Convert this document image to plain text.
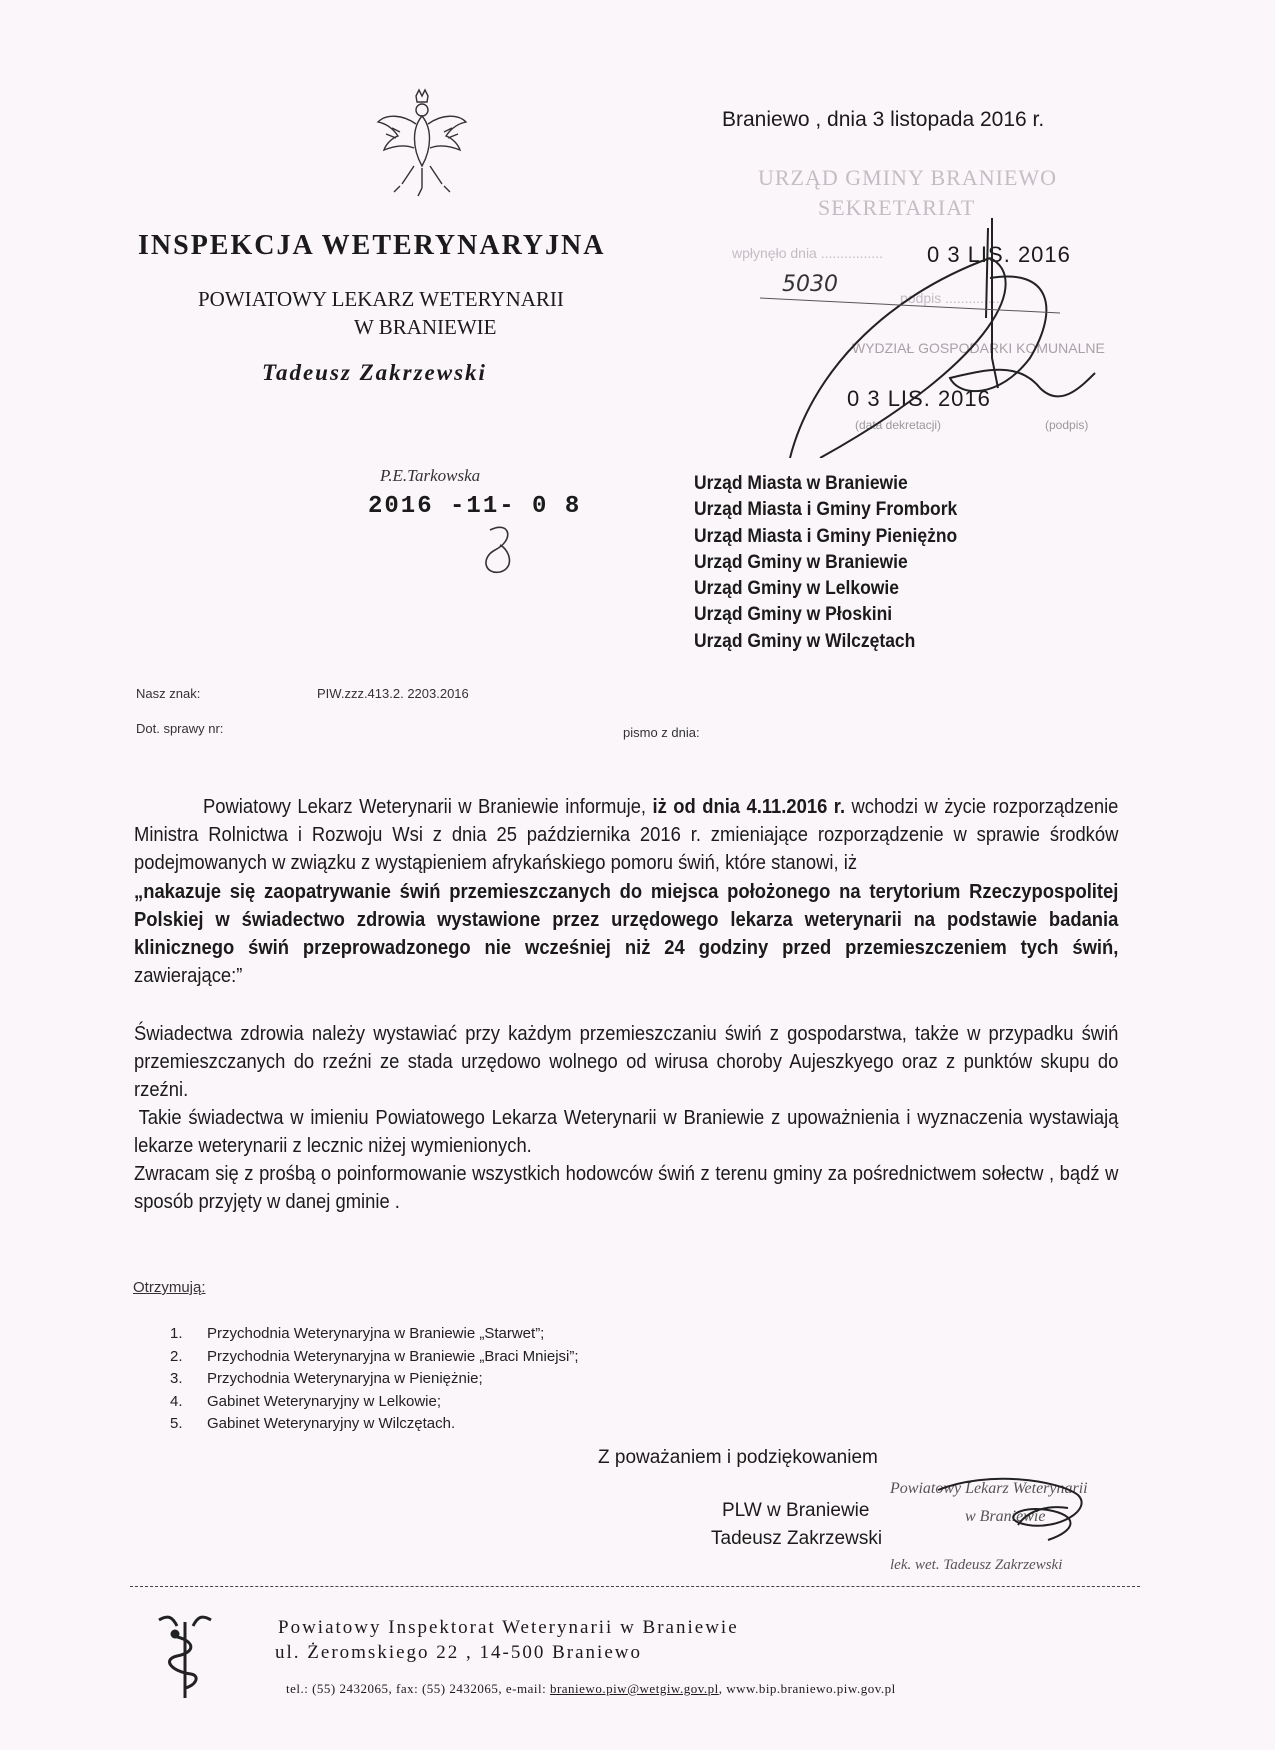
INSPEKCJA WETERYNARYJNA
POWIATOWY LEKARZ WETERYNARII
W BRANIEWIE
Tadeusz Zakrzewski
Braniewo , dnia 3 listopada 2016 r.
URZĄD GMINY BRANIEWO
SEKRETARIAT
wpłynęło dnia ................ 0 3 LIS. 2016
5030
podpis ..............
WYDZIAŁ GOSPODARKI KOMUNALNE
0 3 LIS. 2016
(data dekretacji)	(podpis)
P.E.Tarkowska
2016 -11- 0 8
Urząd Miasta w Braniewie
Urząd Miasta i Gminy Frombork
Urząd Miasta i Gminy Pieniężno
Urząd Gminy w Braniewie
Urząd Gminy w Lelkowie
Urząd Gminy w Płoskini
Urząd Gminy w Wilczętach
Nasz znak:	PIW.zzz.413.2. 2203.2016
Dot. sprawy nr:	pismo z dnia:

Powiatowy Lekarz Weterynarii w Braniewie informuje, iż od dnia 4.11.2016 r. wchodzi w życie rozporządzenie Ministra Rolnictwa i Rozwoju Wsi z dnia 25 października 2016 r. zmieniające rozporządzenie w sprawie środków podejmowanych w związku z wystąpieniem afrykańskiego pomoru świń, które stanowi, iż

„nakazuje się zaopatrywanie świń przemieszczanych do miejsca położonego na terytorium Rzeczypospolitej Polskiej w świadectwo zdrowia wystawione przez urzędowego lekarza weterynarii na podstawie badania klinicznego świń przeprowadzonego nie wcześniej niż 24 godziny przed przemieszczeniem tych świń, zawierające:”

Świadectwa zdrowia należy wystawiać przy każdym przemieszczaniu świń z gospodarstwa, także w przypadku świń przemieszczanych do rzeźni ze stada urzędowo wolnego od wirusa choroby Aujeszkyego oraz z punktów skupu do rzeźni.

Takie świadectwa w imieniu Powiatowego Lekarza Weterynarii w Braniewie z upoważnienia i wyznaczenia wystawiają lekarze weterynarii z lecznic niżej wymienionych.

Zwracam się z prośbą o poinformowanie wszystkich hodowców świń z terenu gminy za pośrednictwem sołectw , bądź w sposób przyjęty w danej gminie .

Otrzymują:
1. Przychodnia Weterynaryjna w Braniewie „Starwet”;
2. Przychodnia Weterynaryjna w Braniewie „Braci Mniejsi”;
3. Przychodnia Weterynaryjna w Pieniężnie;
4. Gabinet Weterynaryjny w Lelkowie;
5. Gabinet Weterynaryjny w Wilczętach.
Z poważaniem i podziękowaniem
PLW w Braniewie
Tadeusz Zakrzewski
Powiatowy Lekarz Weterynarii
w Braniewie
lek. wet. Tadeusz Zakrzewski
Powiatowy Inspektorat Weterynarii w Braniewie
ul. Żeromskiego 22 , 14-500 Braniewo
tel.: (55) 2432065, fax: (55) 2432065, e-mail: braniewo.piw@wetgiw.gov.pl, www.bip.braniewo.piw.gov.pl
